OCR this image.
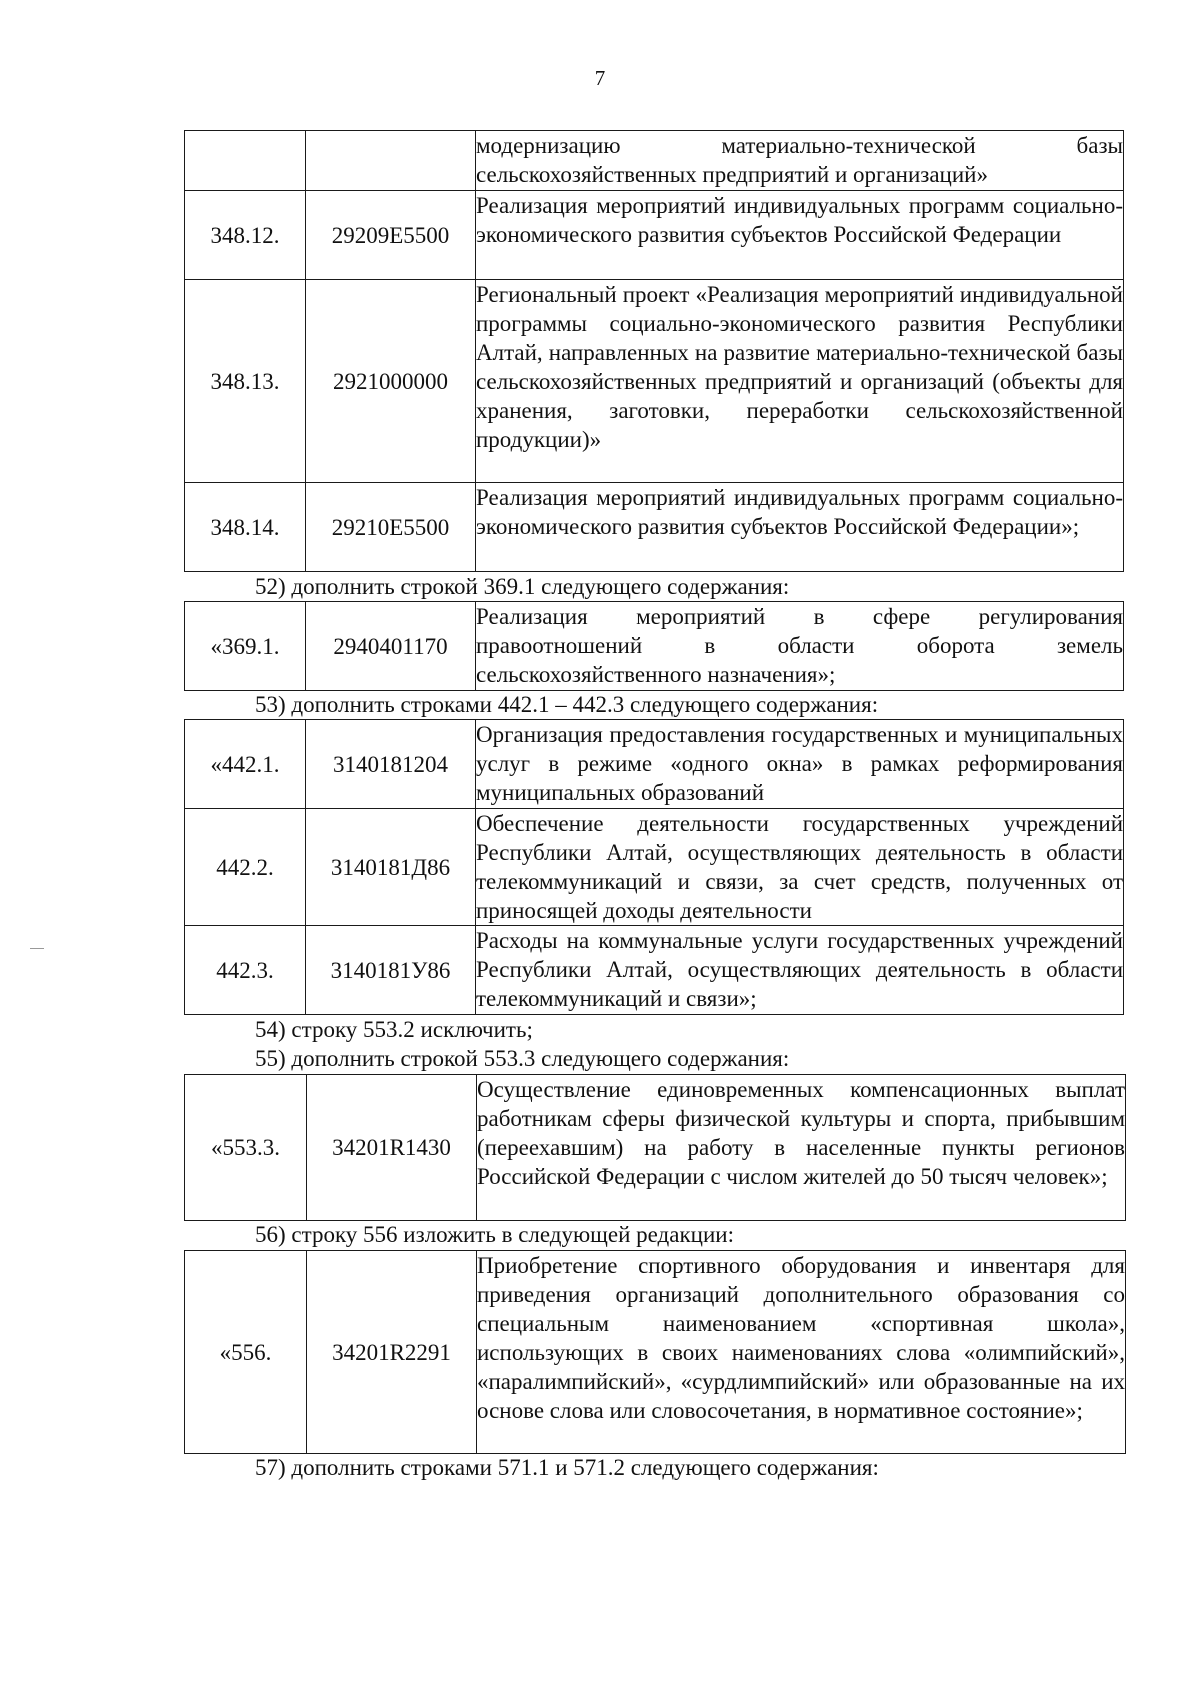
7
		модернизацию материально-технической базы сельскохозяйственных предприятий и организаций»
348.12.	29209Е5500	Реализация мероприятий индивидуальных программ социально-экономического развития субъектов Российской Федерации
348.13.	2921000000	Региональный проект «Реализация мероприятий индивидуальной программы социально-экономического развития Республики Алтай, направленных на развитие материально-технической базы сельскохозяйственных предприятий и организаций (объекты для хранения, заготовки, переработки сельскохозяйственной продукции)»
348.14.	29210Е5500	Реализация мероприятий индивидуальных программ социально-экономического развития субъектов Российской Федерации»;
52) дополнить строкой 369.1 следующего содержания:
«369.1.	2940401170	Реализация мероприятий в сфере регулирования правоотношений в области оборота земель сельскохозяйственного назначения»;
53) дополнить строками 442.1 – 442.3 следующего содержания:
«442.1.	3140181204	Организация предоставления государственных и муниципальных услуг в режиме «одного окна» в рамках реформирования муниципальных образований
442.2.	3140181Д86	Обеспечение деятельности государственных учреждений Республики Алтай, осуществляющих деятельность в области телекоммуникаций и связи, за счет средств, полученных от приносящей доходы деятельности
442.3.	3140181У86	Расходы на коммунальные услуги государственных учреждений Республики Алтай, осуществляющих деятельность в области телекоммуникаций и связи»;
54) строку 553.2 исключить;
55) дополнить строкой 553.3 следующего содержания:
«553.3.	34201R1430	Осуществление единовременных компенсационных выплат работникам сферы физической культуры и спорта, прибывшим (переехавшим) на работу в населенные пункты регионов Российской Федерации с числом жителей до 50 тысяч человек»;
56) строку 556 изложить в следующей редакции:
«556.	34201R2291	Приобретение спортивного оборудования и инвентаря для приведения организаций дополнительного образования со специальным наименованием «спортивная школа», использующих в своих наименованиях слова «олимпийский», «паралимпийский», «сурдлимпийский» или образованные на их основе слова или словосочетания, в нормативное состояние»;
57) дополнить строками 571.1 и 571.2 следующего содержания:
